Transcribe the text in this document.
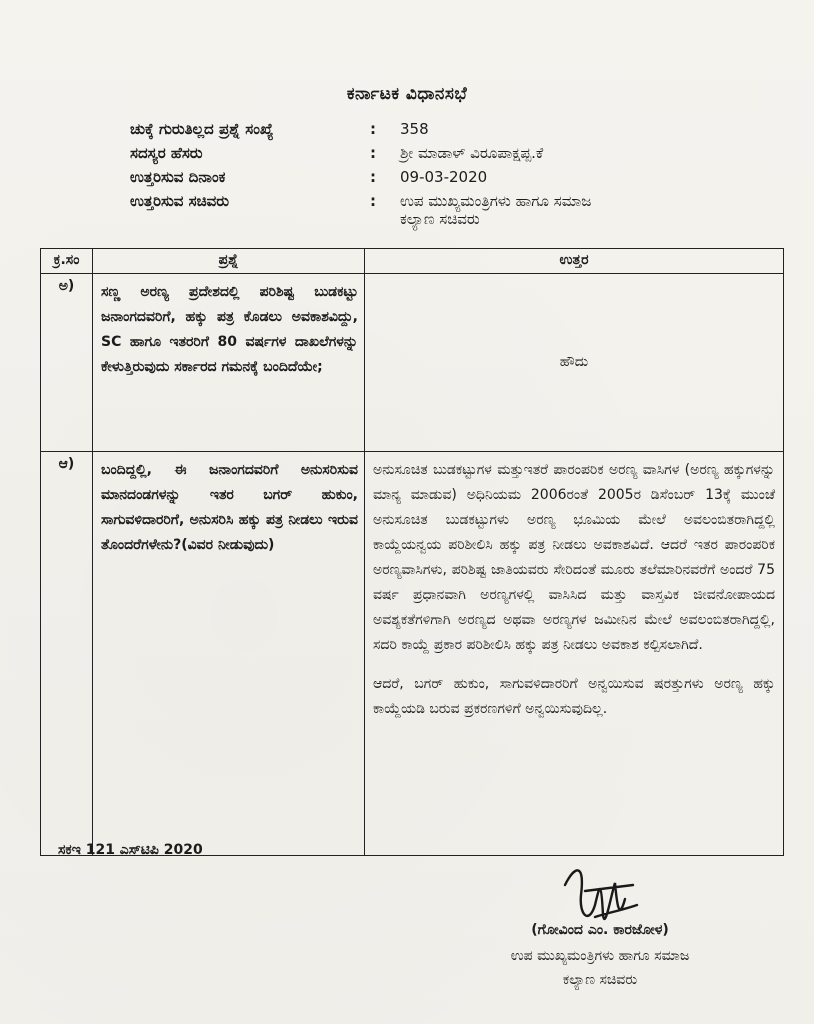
ಕರ್ನಾಟಕ ವಿಧಾನಸಭೆ
ಚುಕ್ಕೆ ಗುರುತಿಲ್ಲದ ಪ್ರಶ್ನೆ ಸಂಖ್ಯೆ	:	358
ಸದಸ್ಯರ ಹೆಸರು	:	ಶ್ರೀ ಮಾಡಾಳ್ ವಿರೂಪಾಕ್ಷಪ್ಪ.ಕೆ
ಉತ್ತರಿಸುವ ದಿನಾಂಕ	:	09-03-2020
ಉತ್ತರಿಸುವ ಸಚಿವರು	:	ಉಪ ಮುಖ್ಯಮಂತ್ರಿಗಳು ಹಾಗೂ ಸಮಾಜ
ಕಲ್ಯಾಣ ಸಚಿವರು
ಕ್ರ.ಸಂ	ಪ್ರಶ್ನೆ	ಉತ್ತರ
ಅ)	ಸಣ್ಣ ಅರಣ್ಯ ಪ್ರದೇಶದಲ್ಲಿ ಪರಿಶಿಷ್ಟ ಬುಡಕಟ್ಟು ಜನಾಂಗದವರಿಗೆ, ಹಕ್ಕು ಪತ್ರ ಕೊಡಲು ಅವಕಾಶವಿದ್ದು, SC ಹಾಗೂ ಇತರರಿಗೆ 80 ವರ್ಷಗಳ ದಾಖಲೆಗಳನ್ನು ಕೇಳುತ್ತಿರುವುದು ಸರ್ಕಾರದ ಗಮನಕ್ಕೆ ಬಂದಿದೆಯೇ;	ಹೌದು
ಆ)	ಬಂದಿದ್ದಲ್ಲಿ, ಈ ಜನಾಂಗದವರಿಗೆ ಅನುಸರಿಸುವ ಮಾನದಂಡಗಳನ್ನು ಇತರ ಬಗರ್ ಹುಕುಂ, ಸಾಗುವಳಿದಾರರಿಗೆ, ಅನುಸರಿಸಿ ಹಕ್ಕು ಪತ್ರ ನೀಡಲು ಇರುವ ತೊಂದರೆಗಳೇನು?(ವಿವರ ನೀಡುವುದು)	ಅನುಸೂಚಿತ ಬುಡಕಟ್ಟುಗಳ ಮತ್ತುಇತರೆ ಪಾರಂಪರಿಕ ಅರಣ್ಯ ವಾಸಿಗಳ (ಅರಣ್ಯ ಹಕ್ಕುಗಳನ್ನು ಮಾನ್ಯ ಮಾಡುವ) ಅಧಿನಿಯಮ 2006ರಂತೆ 2005ರ ಡಿಸೆಂಬರ್ 13ಕ್ಕೆ ಮುಂಚೆ ಅನುಸೂಚಿತ ಬುಡಕಟ್ಟುಗಳು ಅರಣ್ಯ ಭೂಮಿಯ ಮೇಲೆ ಅವಲಂಬಿತರಾಗಿದ್ದಲ್ಲಿ ಕಾಯ್ದೆಯನ್ವಯ ಪರಿಶೀಲಿಸಿ ಹಕ್ಕು ಪತ್ರ ನೀಡಲು ಅವಕಾಶವಿದೆ. ಆದರೆ ಇತರ ಪಾರಂಪರಿಕ ಅರಣ್ಯವಾಸಿಗಳು, ಪರಿಶಿಷ್ಟ ಜಾತಿಯವರು ಸೇರಿದಂತೆ ಮೂರು ತಲೆಮಾರಿನವರೆಗೆ ಅಂದರೆ 75 ವರ್ಷ ಪ್ರಧಾನವಾಗಿ ಅರಣ್ಯಗಳಲ್ಲಿ ವಾಸಿಸಿದ ಮತ್ತು ವಾಸ್ತವಿಕ ಜೀವನೋಪಾಯದ ಅವಶ್ಯಕತೆಗಳಿಗಾಗಿ ಅರಣ್ಯದ ಅಥವಾ ಅರಣ್ಯಗಳ ಜಮೀನಿನ ಮೇಲೆ ಅವಲಂಬಿತರಾಗಿದ್ದಲ್ಲಿ, ಸದರಿ ಕಾಯ್ದೆ ಪ್ರಕಾರ ಪರಿಶೀಲಿಸಿ ಹಕ್ಕು ಪತ್ರ ನೀಡಲು ಅವಕಾಶ ಕಲ್ಪಿಸಲಾಗಿದೆ.

ಆದರೆ, ಬಗರ್ ಹುಕುಂ, ಸಾಗುವಳಿದಾರರಿಗೆ ಅನ್ವಯಿಸುವ ಷರತ್ತುಗಳು ಅರಣ್ಯ ಹಕ್ಕು ಕಾಯ್ದೆಯಡಿ ಬರುವ ಪ್ರಕರಣಗಳಿಗೆ ಅನ್ವಯಿಸುವುದಿಲ್ಲ.

ಸಕಇ 121 ಎಸ್‌ಟಿಪಿ 2020
(ಗೋವಿಂದ ಎಂ. ಕಾರಜೋಳ)
ಉಪ ಮುಖ್ಯಮಂತ್ರಿಗಳು ಹಾಗೂ ಸಮಾಜ
ಕಲ್ಯಾಣ ಸಚಿವರು
